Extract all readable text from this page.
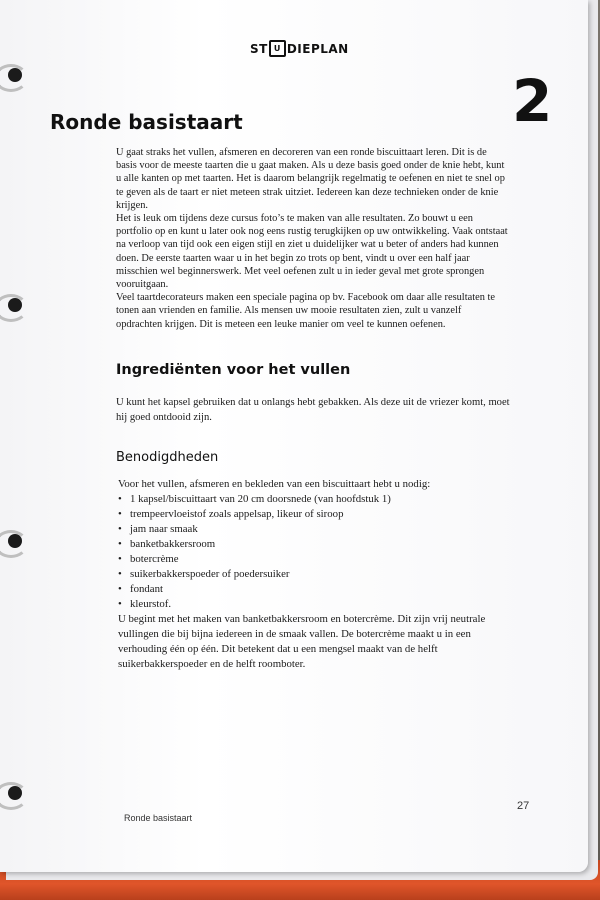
ST U DIEPLAN
2
Ronde basistaart

U gaat straks het vullen, afsmeren en decoreren van een ronde biscuittaart leren. Dit is de basis voor de meeste taarten die u gaat maken. Als u deze basis goed onder de knie hebt, kunt u alle kanten op met taarten. Het is daarom belangrijk regelmatig te oefenen en niet te snel op te geven als de taart er niet meteen strak uitziet. Iedereen kan deze technieken onder de knie krijgen.

Het is leuk om tijdens deze cursus foto’s te maken van alle resultaten. Zo bouwt u een portfolio op en kunt u later ook nog eens rustig terugkijken op uw ontwikkeling. Vaak ontstaat na verloop van tijd ook een eigen stijl en ziet u duidelijker wat u beter of anders had kunnen doen. De eerste taarten waar u in het begin zo trots op bent, vindt u over een half jaar misschien wel beginnerswerk. Met veel oefenen zult u in ieder geval met grote sprongen vooruitgaan.

Veel taartdecorateurs maken een speciale pagina op bv. Facebook om daar alle resultaten te tonen aan vrienden en familie. Als mensen uw mooie resultaten zien, zult u vanzelf opdrachten krijgen. Dit is meteen een leuke manier om veel te kunnen oefenen.

Ingrediënten voor het vullen

U kunt het kapsel gebruiken dat u onlangs hebt gebakken. Als deze uit de vriezer komt, moet hij goed ontdooid zijn.

Benodigdheden

Voor het vullen, afsmeren en bekleden van een biscuittaart hebt u nodig:

• 1 kapsel/biscuittaart van 20 cm doorsnede (van hoofdstuk 1)
• trempeervloeistof zoals appelsap, likeur of siroop
• jam naar smaak
• banketbakkersroom
• botercrème
• suikerbakkerspoeder of poedersuiker
• fondant
• kleurstof.

U begint met het maken van banketbakkersroom en botercrème. Dit zijn vrij neutrale vullingen die bij bijna iedereen in de smaak vallen. De botercrème maakt u in een verhouding één op één. Dit betekent dat u een mengsel maakt van de helft suikerbakkerspoeder en de helft roomboter.

Ronde basistaart
27
